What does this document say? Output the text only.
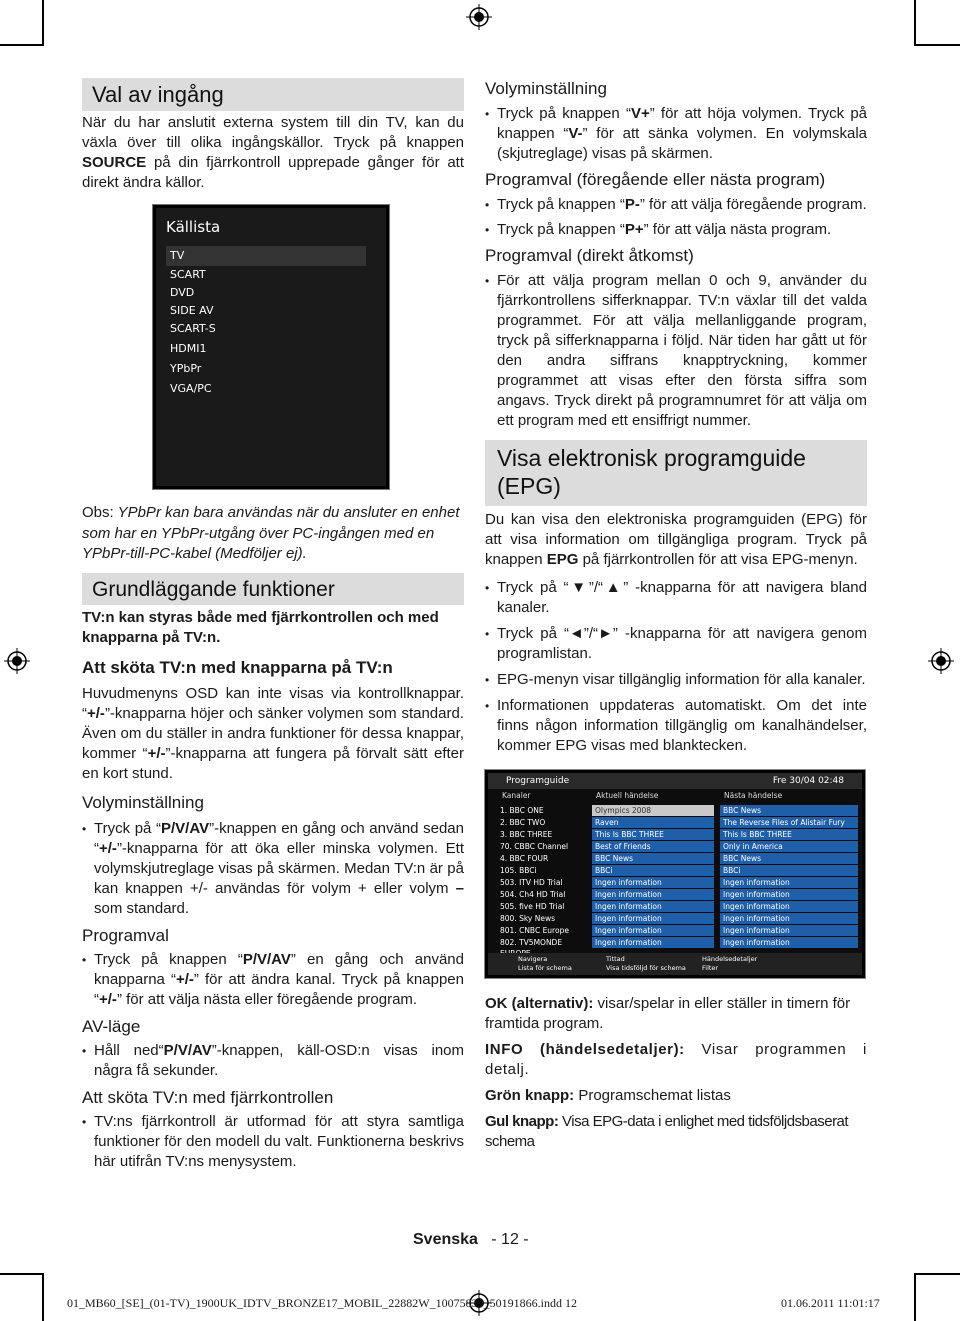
Val av ingång

När du har anslutit externa system till din TV, kan du växla över till olika ingångskällor. Tryck på knappen SOURCE på din fjärrkontroll upprepade gånger för att direkt ändra källor.

Källista
TV
SCART
DVD
SIDE AV
SCART-S
HDMI1
YPbPr
VGA/PC

Obs: YPbPr kan bara användas när du ansluter en enhet som har en YPbPr-utgång över PC-ingången med en YPbPr-till-PC-kabel (Medföljer ej).

Grundläggande funktioner

TV:n kan styras både med fjärrkontrollen och med knapparna på TV:n.

Att sköta TV:n med knapparna på TV:n

Huvudmenyns OSD kan inte visas via kontrollknappar. “+/-”-knapparna höjer och sänker volymen som standard. Även om du ställer in andra funktioner för dessa knappar, kommer “+/-”-knapparna att fungera på förvalt sätt efter en kort stund.

Volyminställning
• Tryck på “P/V/AV”-knappen en gång och använd sedan “+/-”-knapparna för att öka eller minska volymen. Ett volymskjutreglage visas på skärmen. Medan TV:n är på kan knappen +/- användas för volym + eller volym – som standard.
Programval
• Tryck på knappen “P/V/AV” en gång och använd knapparna “+/-” för att ändra kanal. Tryck på knappen “+/-” för att välja nästa eller föregående program.
AV-läge
• Håll ned“P/V/AV”-knappen, käll-OSD:n visas inom några få sekunder.
Att sköta TV:n med fjärrkontrollen
• TV:ns fjärrkontroll är utformad för att styra samtliga funktioner för den modell du valt. Funktionerna beskrivs här utifrån TV:ns menysystem.
Volyminställning
• Tryck på knappen “V+” för att höja volymen. Tryck på knappen “V-” för att sänka volymen. En volymskala (skjutreglage) visas på skärmen.
Programval (föregående eller nästa program)
• Tryck på knappen “P-” för att välja föregående program.
• Tryck på knappen “P+” för att välja nästa program.
Programval (direkt åtkomst)
• För att välja program mellan 0 och 9, använder du fjärrkontrollens sifferknappar. TV:n växlar till det valda programmet. För att välja mellanliggande program, tryck på sifferknapparna i följd. När tiden har gått ut för den andra siffrans knapptryckning, kommer programmet att visas efter den första siffra som angavs. Tryck direkt på programnumret för att välja om ett program med ett ensiffrigt nummer.
Visa elektronisk programguide (EPG)

Du kan visa den elektroniska programguiden (EPG) för att visa information om tillgängliga program. Tryck på knappen EPG på fjärrkontrollen för att visa EPG-menyn.

• Tryck på “▼”/“▲” -knapparna för att navigera bland kanaler.
• Tryck på “◄”/“►” -knapparna för att navigera genom programlistan.
• EPG-menyn visar tillgänglig information för alla kanaler.
• Informationen uppdateras automatiskt. Om det inte finns någon information tillgänglig om kanalhändelser, kommer EPG visas med blanktecken.
Programguide	Fre 30/04 02:48
Kanaler	Aktuell händelse	Nästa händelse
1. BBC ONE	Olympics 2008	BBC News
2. BBC TWO	Raven	The Reverse Files of Alistair Fury
3. BBC THREE	This Is BBC THREE	This Is BBC THREE
70. CBBC Channel	Best of Friends	Only in America
4. BBC FOUR	BBC News	BBC News
105. BBCi	BBCi	BBCi
503. ITV HD Trial	Ingen information	Ingen information
504. Ch4 HD Trial	Ingen information	Ingen information
505. five HD Trial	Ingen information	Ingen information
800. Sky News	Ingen information	Ingen information
801. CNBC Europe	Ingen information	Ingen information
802. TV5MONDE	Ingen information	Ingen information
Navigera
Lista för schema
Tittad
Visa tidsföljd för schema
Händelsedetaljer
Filter

OK (alternativ): visar/spelar in eller ställer in timern för framtida program.

INFO (händelsedetaljer): Visar programmen i detalj.

Grön knapp: Programschemat listas

Gul knapp: Visa EPG-data i enlighet med tidsföljdsbaserat schema

Svenska - 12 -
01_MB60_[SE]_(01-TV)_1900UK_IDTV_BRONZE17_MOBIL_22882W_10075839_50191866.indd 12	01.06.2011 11:01:17
